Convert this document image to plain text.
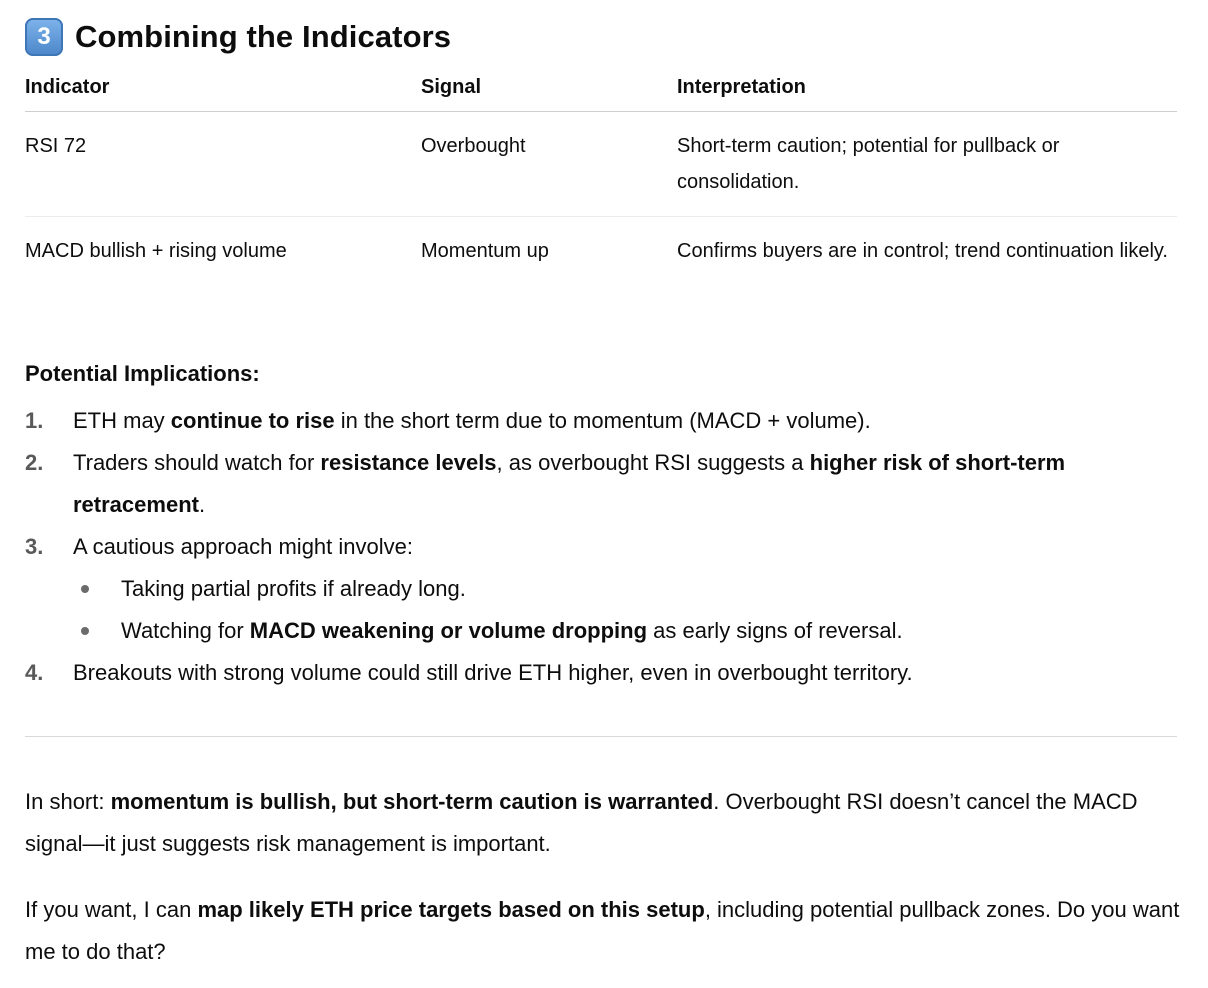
3 Combining the Indicators
Indicator	Signal	Interpretation
RSI 72	Overbought	Short-term caution; potential for pullback or consolidation.
MACD bullish + rising volume	Momentum up	Confirms buyers are in control; trend continuation likely.
Potential Implications:
1. ETH may continue to rise in the short term due to momentum (MACD + volume).
2. Traders should watch for resistance levels, as overbought RSI suggests a higher risk of short-term retracement.
3. A cautious approach might involve:
Taking partial profits if already long.
Watching for MACD weakening or volume dropping as early signs of reversal.
4. Breakouts with strong volume could still drive ETH higher, even in overbought territory.
In short: momentum is bullish, but short-term caution is warranted. Overbought RSI doesn’t cancel the MACD signal—it just suggests risk management is important.
If you want, I can map likely ETH price targets based on this setup, including potential pullback zones. Do you want me to do that?
